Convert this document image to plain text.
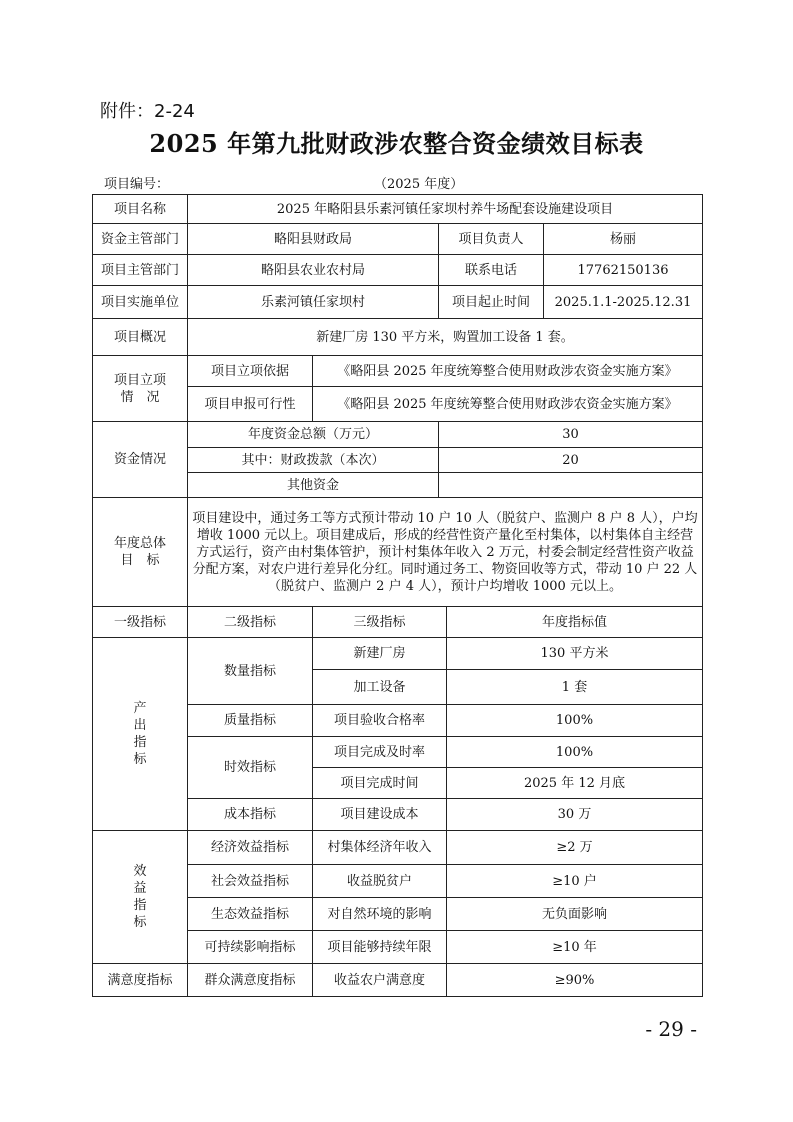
附件：2-24
2025 年第九批财政涉农整合资金绩效目标表
项目编号：	（2025 年度）
项目名称	2025 年略阳县乐素河镇任家坝村养牛场配套设施建设项目				
资金主管部门	略阳县财政局		项目负责人		杨丽
项目主管部门	略阳县农业农村局		联系电话		17762150136
项目实施单位	乐素河镇任家坝村		项目起止时间		2025.1.1-2025.12.31
项目概况	新建厂房 130 平方米，购置加工设备 1 套。				

项目立项
情　况	项目立项依据	《略阳县 2025 年度统筹整合使用财政涉农资金实施方案》			
	项目申报可行性	《略阳县 2025 年度统筹整合使用财政涉农资金实施方案》			
资金情况	年度资金总额（万元）		30		
	其中：财政拨款（本次）		20		
	其他资金				

年度总体
目　标	项目建设中，通过务工等方式预计带动 10 户 10 人（脱贫户、监测户 8 户 8 人），户均增收 1000 元以上。项目建成后，形成的经营性资产量化至村集体，以村集体自主经营方式运行，资产由村集体管护，预计村集体年收入 2 万元，村委会制定经营性资产收益分配方案，对农户进行差异化分红。同时通过务工、物资回收等方式，带动 10 户 22 人（脱贫户、监测户 2 户 4 人），预计户均增收 1000 元以上。				
一级指标	二级指标	三级指标		年度指标值	

产
出
指
标	数量指标	新建厂房		130 平方米	
		加工设备		1 套	
	质量指标	项目验收合格率		100%	
	时效指标	项目完成及时率		100%	
		项目完成时间		2025 年 12 月底	
	成本指标	项目建设成本		30 万	

效
益
指
标	经济效益指标	村集体经济年收入		≥2 万	
	社会效益指标	收益脱贫户		≥10 户	
	生态效益指标	对自然环境的影响		无负面影响	
	可持续影响指标	项目能够持续年限		≥10 年	
满意度指标	群众满意度指标	收益农户满意度		≥90%	
- 29 -
